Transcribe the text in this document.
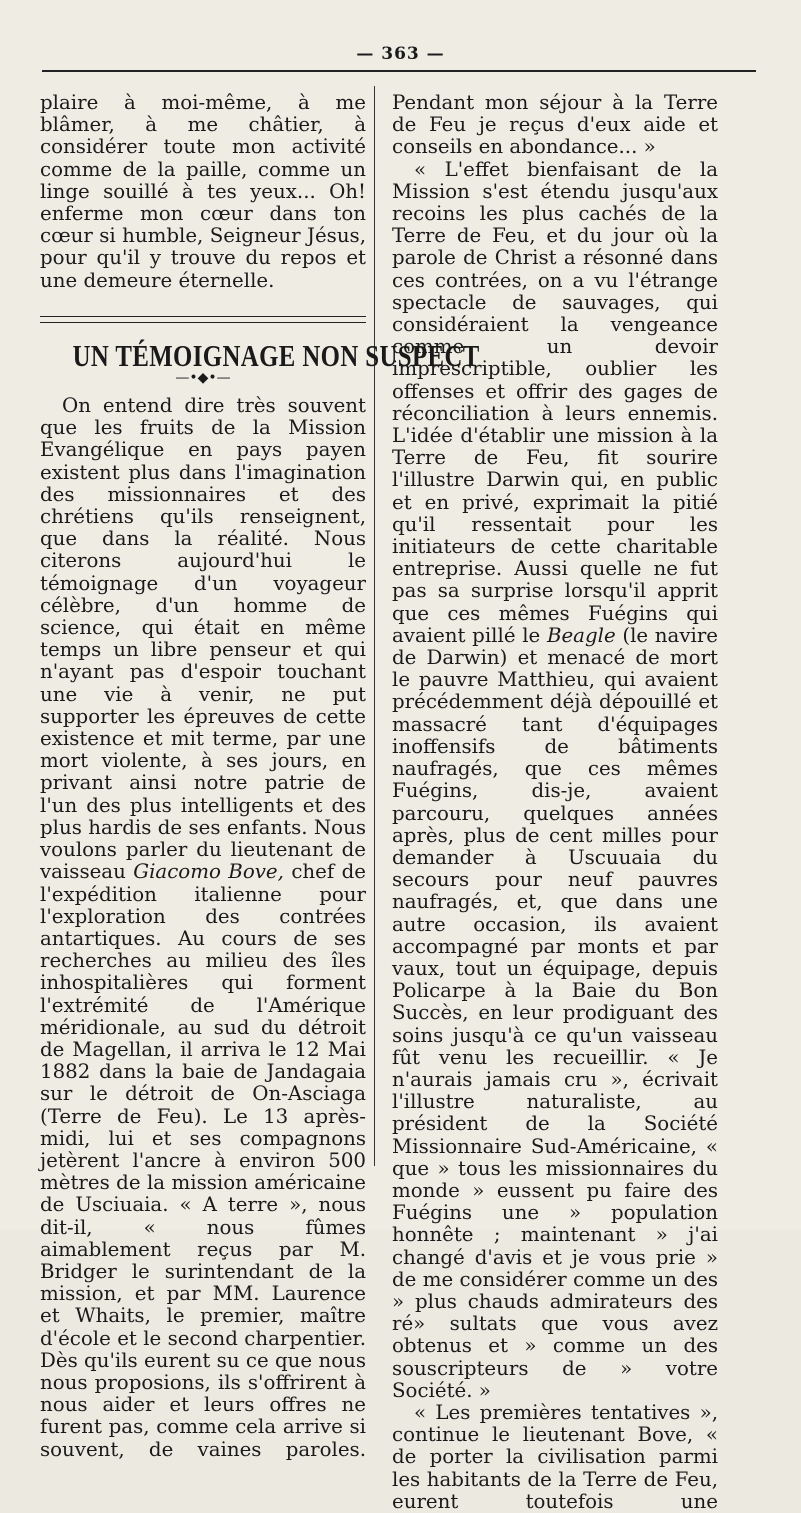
— 363 —

plaire à moi-même, à me blâmer, à me châtier, à considérer toute mon activité comme de la paille, comme un linge souillé à tes yeux... Oh! enferme mon cœur dans ton cœur si humble, Seigneur Jésus, pour qu'il y trouve du repos et une demeure éternelle.

UN TÉMOIGNAGE NON SUSPECT
—•◆•—

On entend dire très souvent que les fruits de la Mission Evangélique en pays payen existent plus dans l'imagination des missionnaires et des chrétiens qu'ils renseignent, que dans la réalité. Nous citerons aujourd'hui le témoignage d'un voyageur célèbre, d'un homme de science, qui était en même temps un libre penseur et qui n'ayant pas d'espoir touchant une vie à venir, ne put supporter les épreuves de cette existence et mit terme, par une mort violente, à ses jours, en privant ainsi notre patrie de l'un des plus intelligents et des plus hardis de ses enfants. Nous voulons parler du lieutenant de vaisseau Giacomo Bove, chef de l'expédition italienne pour l'exploration des contrées antartiques. Au cours de ses recherches au milieu des îles inhospitalières qui forment l'extrémité de l'Amérique méridionale, au sud du détroit de Magellan, il arriva le 12 Mai 1882 dans la baie de Jandagaia sur le détroit de On-Asciaga (Terre de Feu). Le 13 après-midi, lui et ses compagnons jetèrent l'ancre à environ 500 mètres de la mission américaine de Usciuaia. « A terre », nous dit-il, « nous fûmes aimablement reçus par M. Bridger le surintendant de la mission, et par MM. Laurence et Whaits, le premier, maître d'école et le second charpentier. Dès qu'ils eurent su ce que nous nous proposions, ils s'offrirent à nous aider et leurs offres ne furent pas, comme cela arrive si souvent, de vaines paroles.

Pendant mon séjour à la Terre de Feu je reçus d'eux aide et conseils en abondance... »

« L'effet bienfaisant de la Mission s'est étendu jusqu'aux recoins les plus cachés de la Terre de Feu, et du jour où la parole de Christ a résonné dans ces contrées, on a vu l'étrange spectacle de sauvages, qui considéraient la vengeance comme un devoir imprescriptible, oublier les offenses et offrir des gages de réconciliation à leurs ennemis. L'idée d'établir une mission à la Terre de Feu, fit sourire l'illustre Darwin qui, en public et en privé, exprimait la pitié qu'il ressentait pour les initiateurs de cette charitable entreprise. Aussi quelle ne fut pas sa surprise lorsqu'il apprit que ces mêmes Fuégins qui avaient pillé le Beagle (le navire de Darwin) et menacé de mort le pauvre Matthieu, qui avaient précédemment déjà dépouillé et massacré tant d'équipages inoffensifs de bâtiments naufragés, que ces mêmes Fuégins, dis-je, avaient parcouru, quelques années après, plus de cent milles pour demander à Uscuuaia du secours pour neuf pauvres naufragés, et, que dans une autre occasion, ils avaient accompagné par monts et par vaux, tout un équipage, depuis Policarpe à la Baie du Bon Succès, en leur prodiguant des soins jusqu'à ce qu'un vaisseau fût venu les recueillir. « Je n'aurais jamais cru », écrivait l'illustre naturaliste, au président de la Société Missionnaire Sud-Américaine, « que » tous les missionnaires du monde » eussent pu faire des Fuégins une » population honnête ; maintenant » j'ai changé d'avis et je vous prie » de me considérer comme un des » plus chauds admirateurs des ré» sultats que vous avez obtenus et » comme un des souscripteurs de » votre Société. »

« Les premières tentatives », continue le lieutenant Bove, « de porter la civilisation parmi les habitants de la Terre de Feu, eurent toutefois une
